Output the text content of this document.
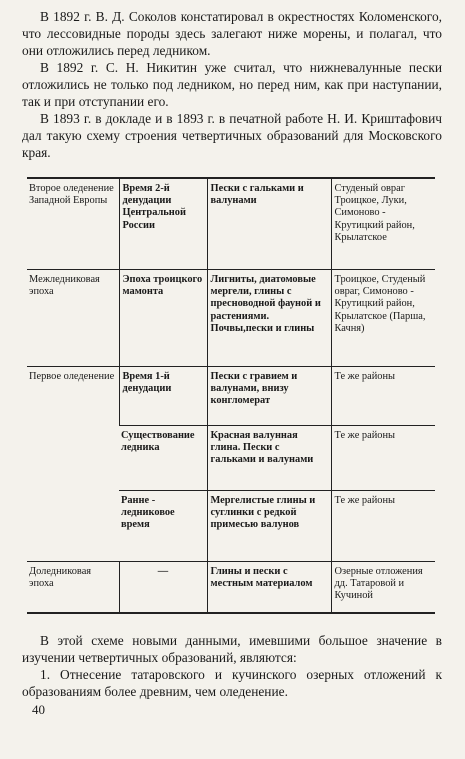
В 1892 г. В. Д. Соколов констатировал в окрестностях Коломенского, что лессовидные породы здесь залегают ниже морены, и полагал, что они отложились перед ледником.

В 1892 г. С. Н. Никитин уже считал, что нижневалунные пески отложились не только под ледником, но перед ним, как при наступании, так и при отступании его.

В 1893 г. в докладе и в 1893 г. в печатной работе Н. И. Криштафович дал такую схему строения четвертичных образований для Московского края.

Второе оледенение Западной Европы	Время 2-й денудации Центральной России	Пески с гальками и валунами	Студеный овраг Троицкое, Луки, Симоново - Крутицкий район, Крылатское
Межледниковая эпоха	Эпоха троицкого мамонта	Лигниты, диатомовые мергели, глины с пресноводной фауной и растениями. Почвы,пески и глины	Троицкое, Студеный овраг, Симоново - Крутицкий район, Крылатское (Парша, Качня)
Первое оледенение	Время 1-й денудации	Пески с гравием и валунами, внизу конгломерат	Те же районы
	Существование ледника	Красная валунная глина. Пески с гальками и валунами	Те же районы
	Ранне - ледниковое время	Мергелистые глины и суглинки с редкой примесью валунов	Те же районы
Доледниковая эпоха	—	Глины и пески с местным материалом	Озерные отложения дд. Татаровой и Кучиной

В этой схеме новыми данными, имевшими большое значение в изучении четвертичных образований, являются:

1. Отнесение татаровского и кучинского озерных отложений к образованиям более древним, чем оледенение.

40
